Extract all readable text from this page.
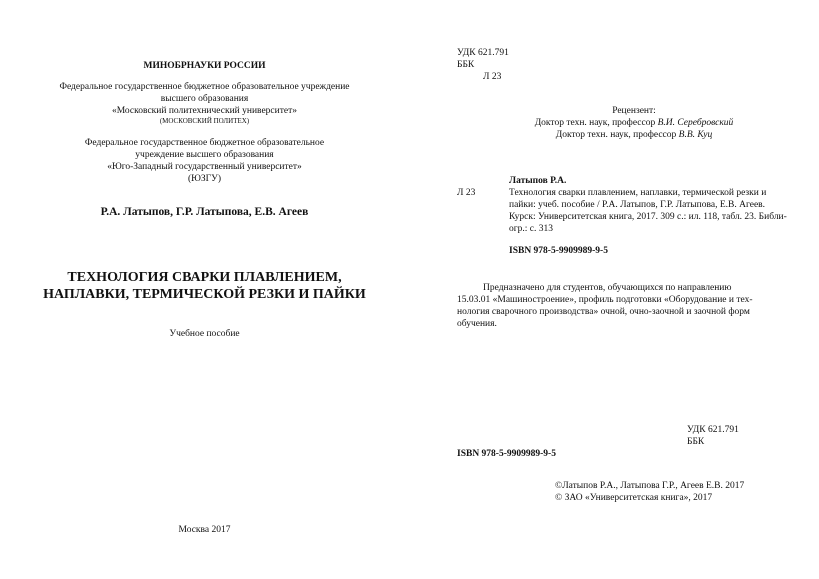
МИНОБРНАУКИ РОССИИ
Федеральное государственное бюджетное образовательное учреждение
высшего образования
«Московский политехнический университет»
(МОСКОВСКИЙ ПОЛИТЕХ)
Федеральное государственное бюджетное образовательное
учреждение высшего образования
«Юго-Западный государственный университет»
(ЮЗГУ)
Р.А. Латыпов, Г.Р. Латыпова, Е.В. Агеев
ТЕХНОЛОГИЯ СВАРКИ ПЛАВЛЕНИЕМ,
НАПЛАВКИ, ТЕРМИЧЕСКОЙ РЕЗКИ И ПАЙКИ
Учебное пособие
Москва 2017
УДК 621.791
ББК
Л 23
Рецензент:
Доктор техн. наук, профессор В.И. Серебровский
Доктор техн. наук, профессор В.В. Куц
Латыпов Р.А.
Л 23	Технология сварки плавлением, наплавки, термической резки и
пайки: учеб. пособие / Р.А. Латыпов, Г.Р. Латыпова, Е.В. Агеев.
Курск: Университетская книга, 2017. 309 с.: ил. 118, табл. 23. Библи-
огр.: с. 313
ISBN 978-5-9909989-9-5
Предназначено для студентов, обучающихся по направлению
15.03.01 «Машиностроение», профиль подготовки «Оборудование и тех-
нология сварочного производства» очной, очно-заочной и заочной форм
обучения.
УДК 621.791
ББК
ISBN 978-5-9909989-9-5
©Латыпов Р.А., Латыпова Г.Р., Агеев Е.В. 2017
© ЗАО «Университетская книга», 2017
